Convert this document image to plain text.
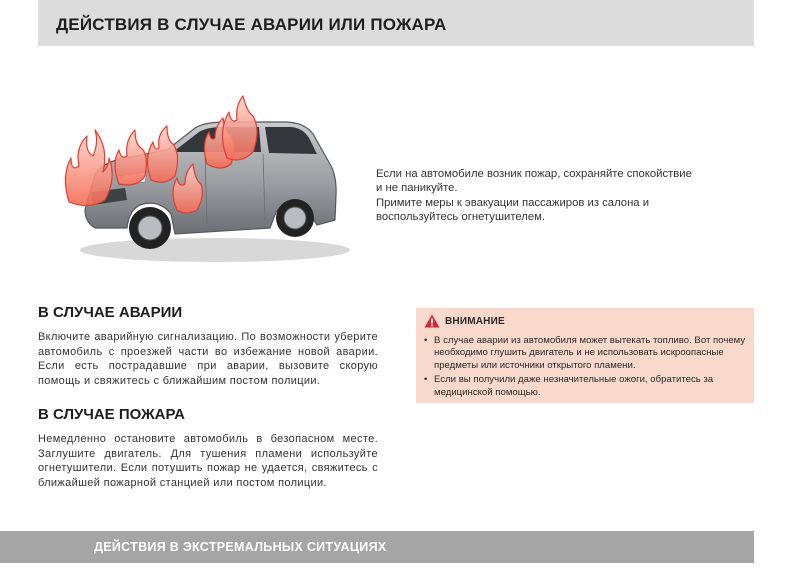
ДЕЙСТВИЯ В СЛУЧАЕ АВАРИИ ИЛИ ПОЖАРА

Если на автомобиле возник пожар, сохраняйте спокойствие и не паникуйте.

Примите меры к эвакуации пассажиров из салона и воспользуйтесь огнетушителем.

В СЛУЧАЕ АВАРИИ

Включите аварийную сигнализацию. По возможности уберите автомобиль с проезжей части во избежание новой аварии. Если есть пострадавшие при аварии, вызовите скорую помощь и свяжитесь с ближайшим постом полиции.

В СЛУЧАЕ ПОЖАРА

Немедленно остановите автомобиль в безопасном месте. Заглушите двигатель. Для тушения пламени используйте огнетушители. Если потушить пожар не удается, свяжитесь с ближайшей пожарной станцией или постом полиции.

ВНИМАНИЕ
• В случае аварии из автомобиля может вытекать топливо. Вот почему необходимо глушить двигатель и не использовать искроопасные предметы или источники открытого пламени.
• Если вы получили даже незначительные ожоги, обратитесь за медицинской помощью.
ДЕЙСТВИЯ В ЭКСТРЕМАЛЬНЫХ СИТУАЦИЯХ
